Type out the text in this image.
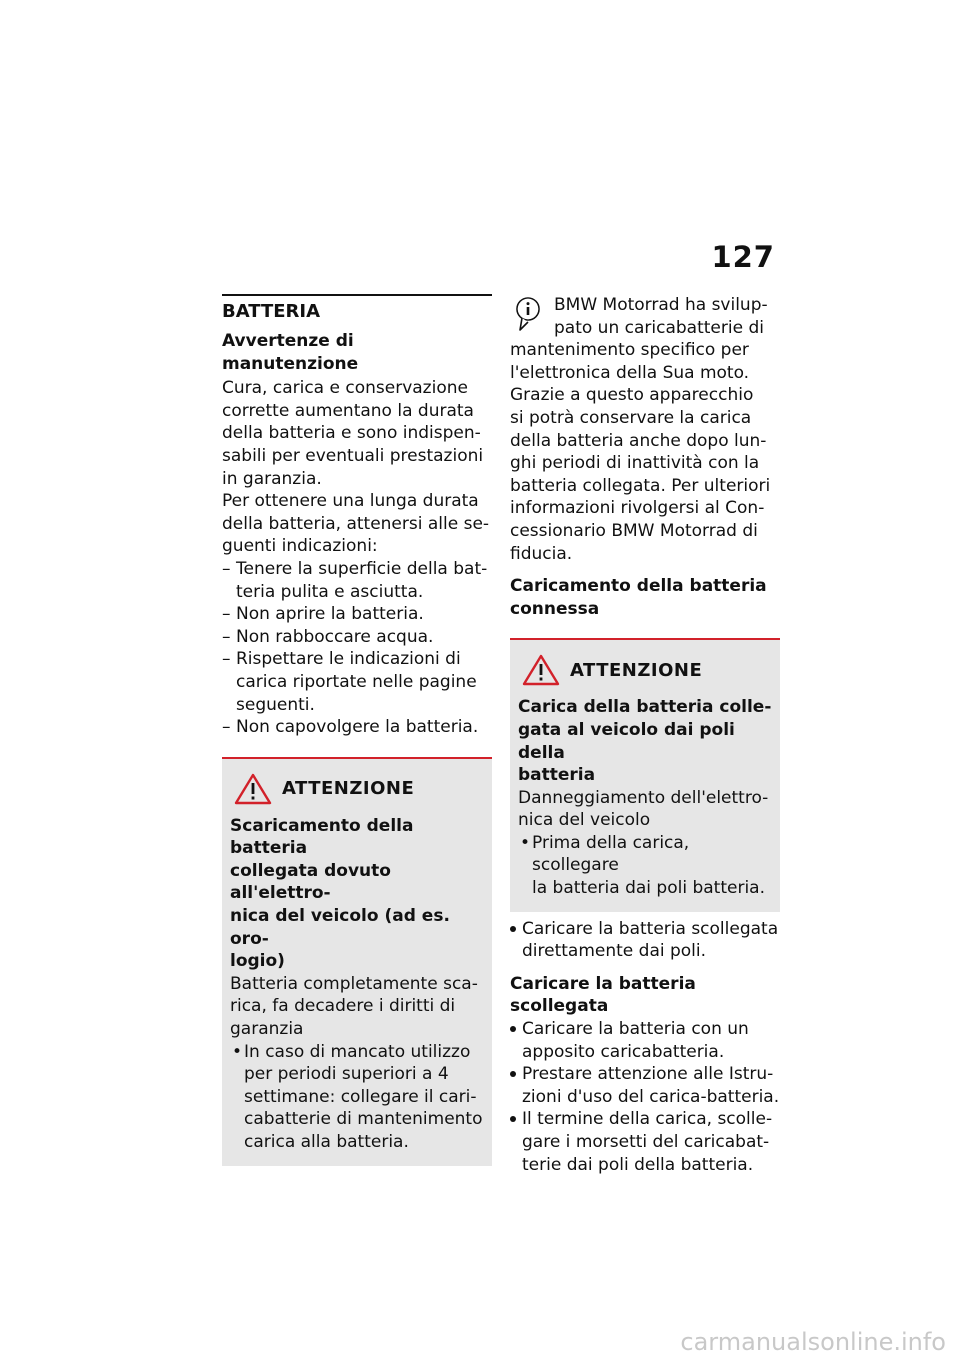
127
BATTERIA

Avvertenze di manutenzione

Cura, carica e conservazione
corrette aumentano la durata
della batteria e sono indispen-
sabili per eventuali prestazioni
in garanzia.
Per ottenere una lunga durata
della batteria, attenersi alle se-
guenti indicazioni:
– Tenere la superficie della bat-
teria pulita e asciutta.
– Non aprire la batteria.
– Non rabboccare acqua.
– Rispettare le indicazioni di
carica riportate nelle pagine
seguenti.
– Non capovolgere la batteria.
ATTENZIONE
Scaricamento della batteria
collegata dovuto all'elettro-
nica del veicolo (ad es. oro-
logio)
Batteria completamente sca-
rica, fa decadere i diritti di
garanzia
• In caso di mancato utilizzo
per periodi superiori a 4
settimane: collegare il cari-
cabatterie di mantenimento
carica alla batteria.
BMW Motorrad ha svilup-
pato un caricabatterie di
mantenimento specifico per
l'elettronica della Sua moto.
Grazie a questo apparecchio
si potrà conservare la carica
della batteria anche dopo lun-
ghi periodi di inattività con la
batteria collegata. Per ulteriori
informazioni rivolgersi al Con-
cessionario BMW Motorrad di
fiducia.
Caricamento della batteria
connessa
ATTENZIONE
Carica della batteria colle-
gata al veicolo dai poli della
batteria
Danneggiamento dell'elettro-
nica del veicolo
• Prima della carica, scollegare
la batteria dai poli batteria.
Caricare la batteria scollegata
direttamente dai poli.
Caricare la batteria scollegata
Caricare la batteria con un
apposito caricabatteria.
Prestare attenzione alle Istru-
zioni d'uso del carica-batteria.
Il termine della carica, scolle-
gare i morsetti del caricabat-
terie dai poli della batteria.
carmanualsonline.info
